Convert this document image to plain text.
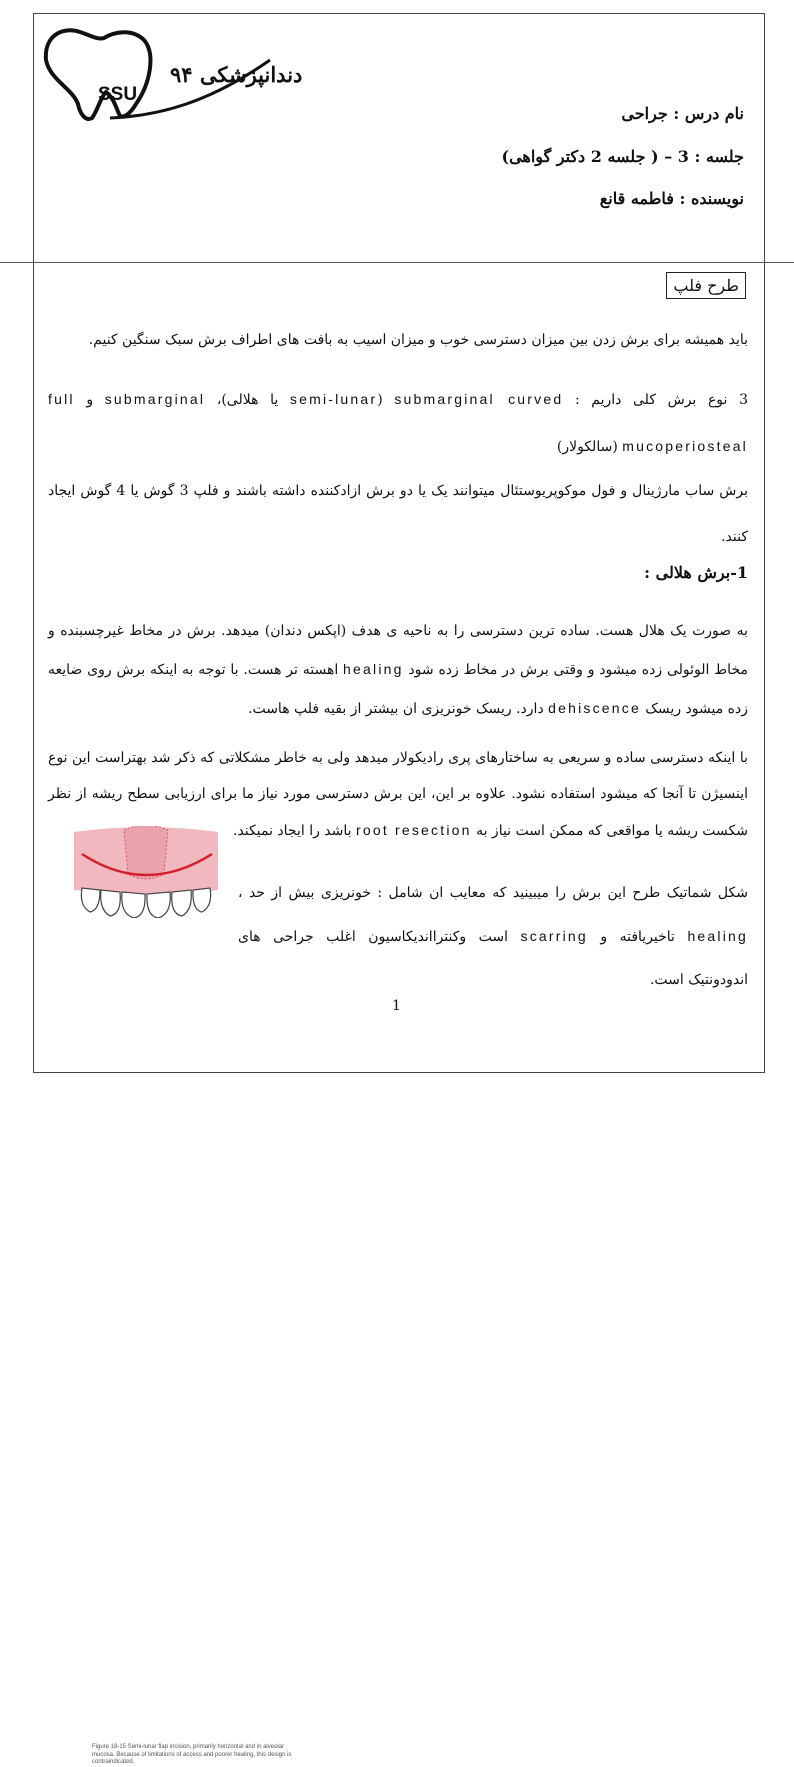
دندانپزشکی ۹۴
SSU
نام درس : جراحی
جلسه : 3 – ( جلسه 2 دکتر گواهی)
نویسنده : فاطمه قانع
طرح فلپ
باید همیشه برای برش زدن بین میزان دسترسی خوب و میزان اسیب به بافت های اطراف برش سبک سنگین کنیم.
3 نوع برش کلی داریم : submarginal curved (semi-lunar یا هلالی)، submarginal و full mucoperiosteal (سالکولار)
برش ساب مارژینال و فول موکوپریوستئال میتوانند یک یا دو برش ازادکننده داشته باشند و فلپ 3 گوش یا 4 گوش ایجاد کنند.
1-برش هلالی :
به صورت یک هلال هست. ساده ترین دسترسی را به ناحیه ی هدف (اپکس دندان) میدهد. برش در مخاط غیرچسبنده و مخاط الوئولی زده میشود و وقتی برش در مخاط زده شود healing اهسته تر هست. با توجه به اینکه برش روی ضایعه زده میشود ریسک dehiscence دارد. ریسک خونریزی ان بیشتر از بقیه فلپ هاست.
با اینکه دسترسی ساده و سریعی به ساختارهای پری رادیکولار میدهد ولی به خاطر مشکلاتی که ذکر شد بهتراست این نوع اینسیژن تا آنجا که میشود استفاده نشود. علاوه بر این، این برش دسترسی مورد نیاز ما برای ارزیابی سطح ریشه از نظر شکست ریشه یا مواقعی که ممکن است نیاز به root resection باشد را ایجاد نمیکند.
شکل شماتیک طرح این برش را میبینید که معایب ان شامل : خونریزی بیش از حد ، healing تاخیریافته و scarring است وکنترااندیکاسیون اغلب جراحی های اندودونتیک است.
Figure 18-15 Semi-lunar flap incision, primarily horizontal and in alveolar mucosa. Because of limitations of access and poorer healing, this design is contraindicated.
1
